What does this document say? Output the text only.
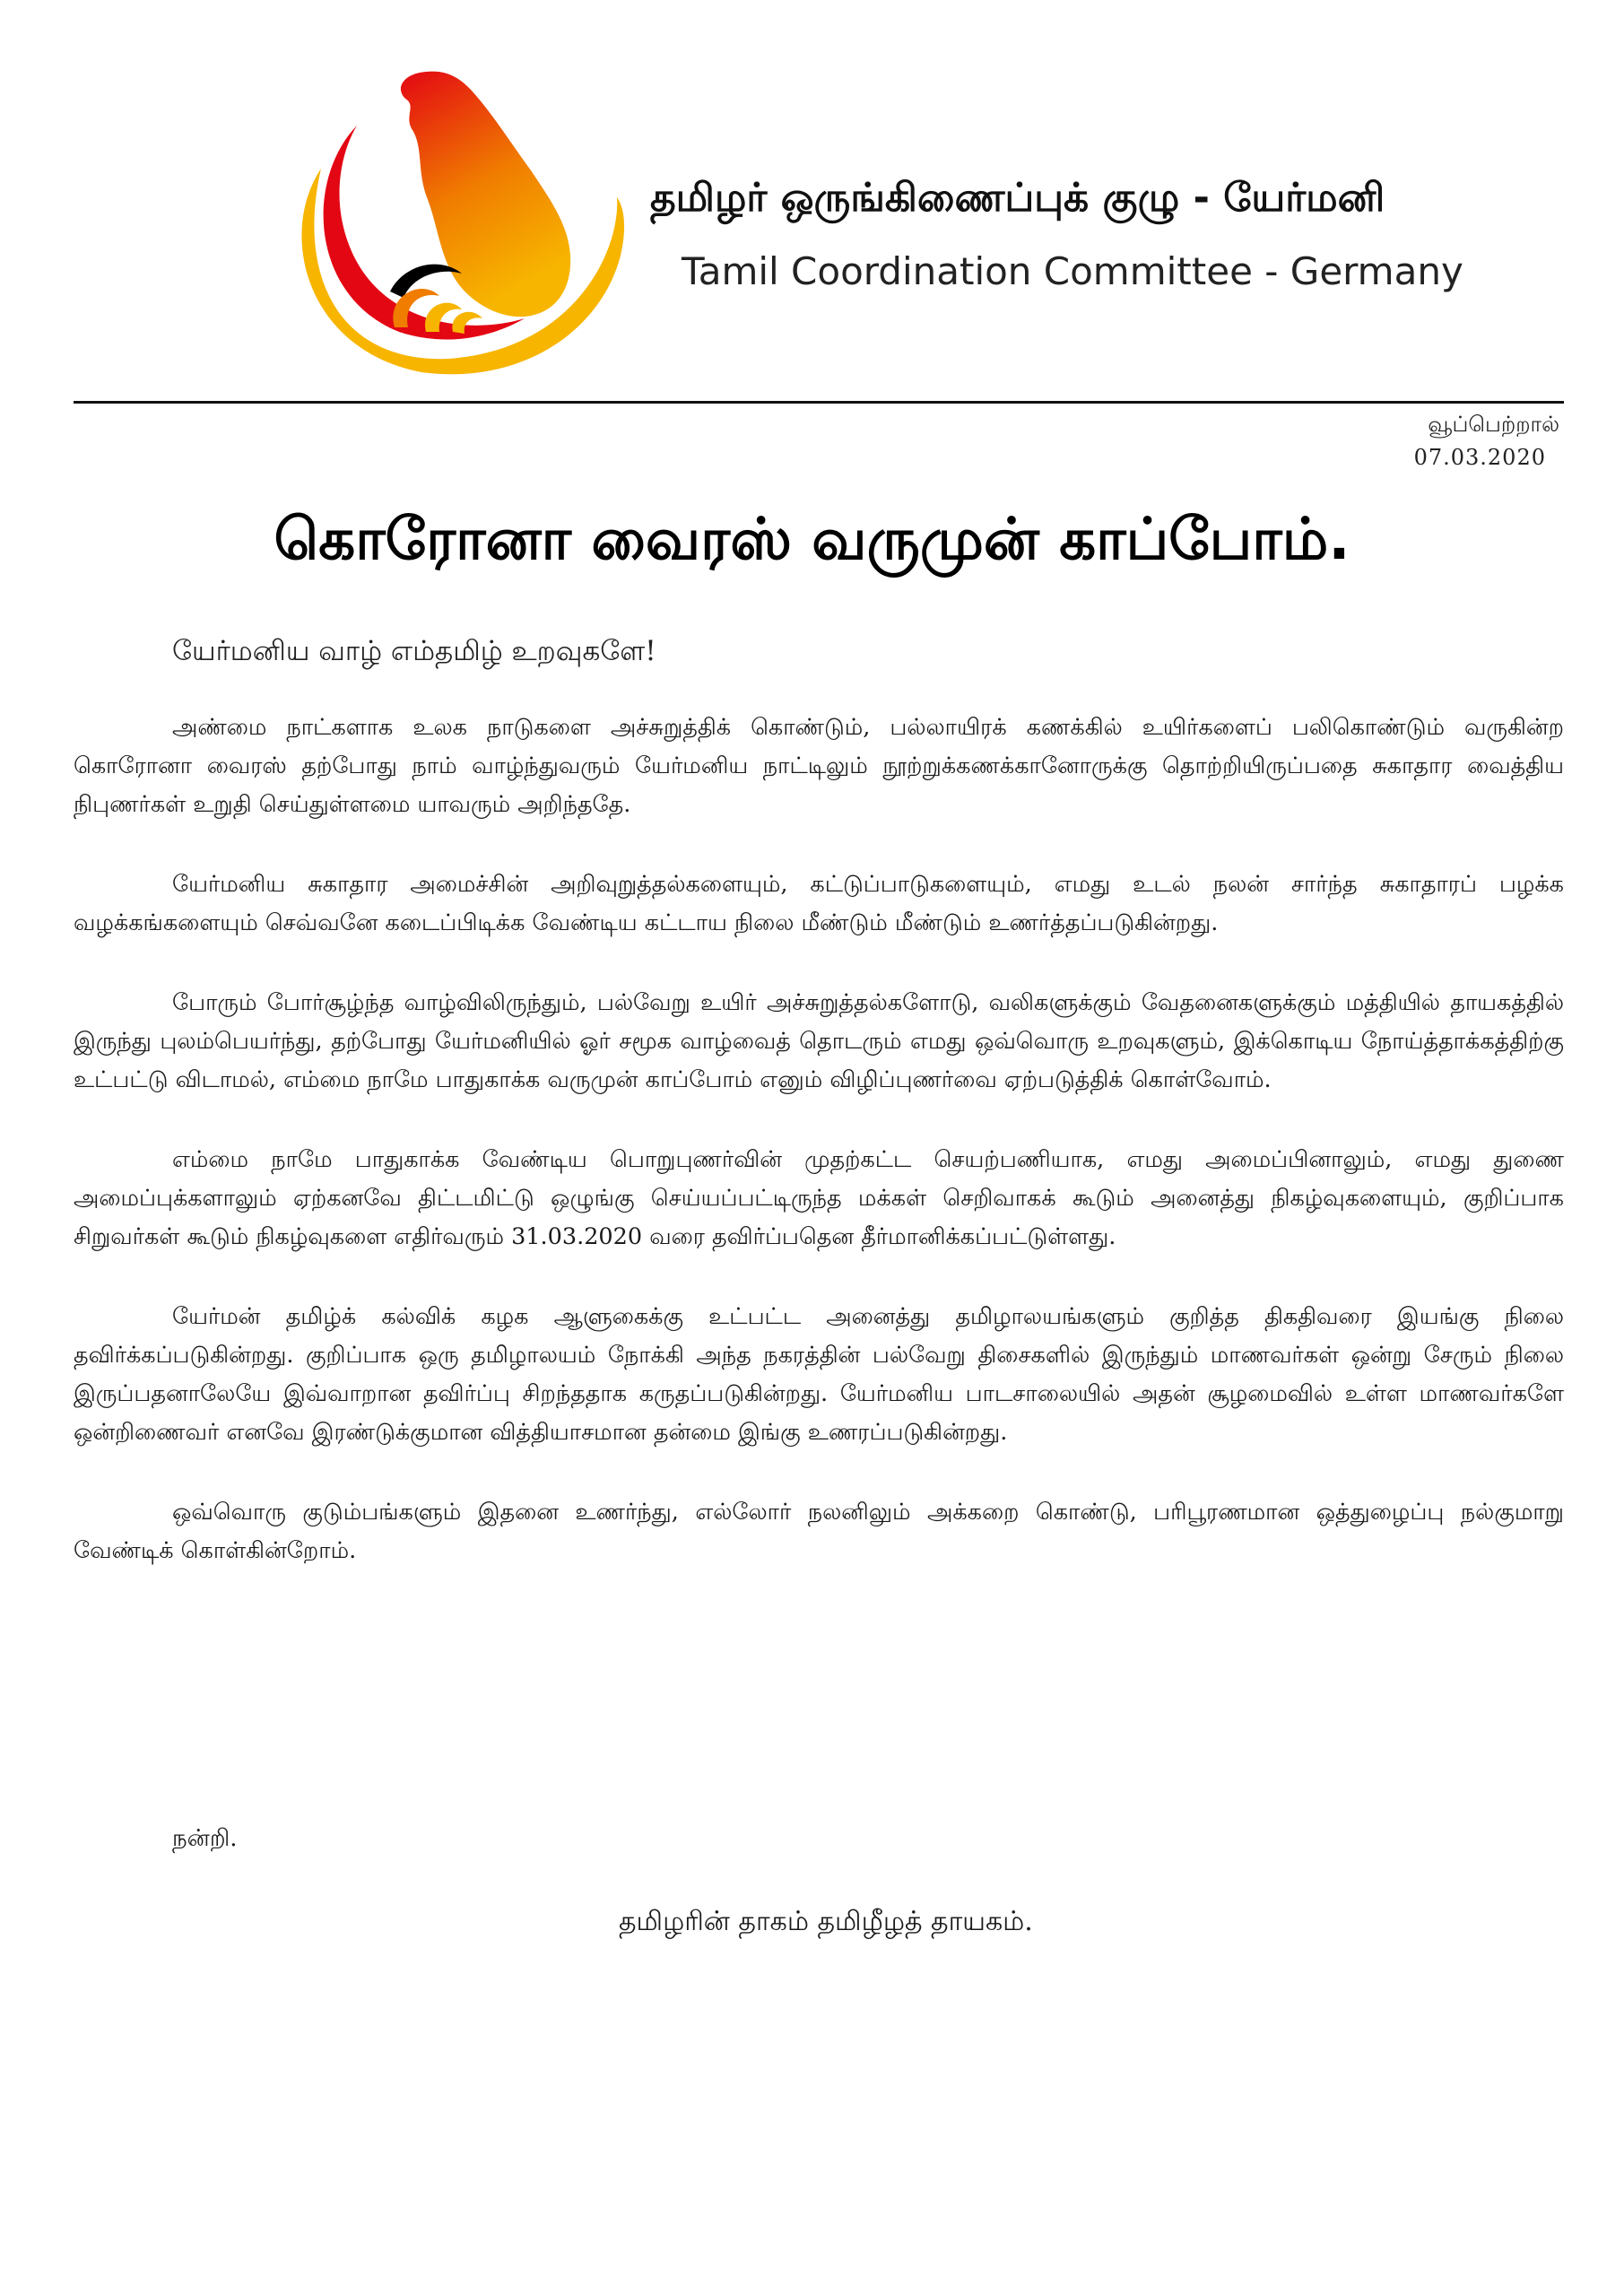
தமிழர் ஒருங்கிணைப்புக் குழு - யேர்மனி
Tamil Coordination Committee - Germany
வூப்பெற்றால்

07.03.2020
கொரோனா வைரஸ் வருமுன் காப்போம்.
யேர்மனிய வாழ் எம்தமிழ் உறவுகளே!

அண்மை நாட்களாக உலக நாடுகளை அச்சுறுத்திக் கொண்டும், பல்லாயிரக் கணக்கில் உயிர்களைப் பலிகொண்டும் வருகின்ற கொரோனா வைரஸ் தற்போது நாம் வாழ்ந்துவரும் யேர்மனிய நாட்டிலும் நூற்றுக்கணக்கானோருக்கு தொற்றியிருப்பதை சுகாதார வைத்திய நிபுணர்கள் உறுதி செய்துள்ளமை யாவரும் அறிந்ததே.

யேர்மனிய சுகாதார அமைச்சின் அறிவுறுத்தல்களையும், கட்டுப்பாடுகளையும், எமது உடல் நலன் சார்ந்த சுகாதாரப் பழக்க வழக்கங்களையும் செவ்வனே கடைப்பிடிக்க வேண்டிய கட்டாய நிலை மீண்டும் மீண்டும் உணர்த்தப்படுகின்றது.

போரும் போர்சூழ்ந்த வாழ்விலிருந்தும், பல்வேறு உயிர் அச்சுறுத்தல்களோடு, வலிகளுக்கும் வேதனைகளுக்கும் மத்தியில் தாயகத்தில் இருந்து புலம்பெயர்ந்து, தற்போது யேர்மனியில் ஓர் சமூக வாழ்வைத் தொடரும் எமது ஒவ்வொரு உறவுகளும், இக்கொடிய நோய்த்தாக்கத்திற்கு உட்பட்டு விடாமல், எம்மை நாமே பாதுகாக்க வருமுன் காப்போம் எனும் விழிப்புணர்வை ஏற்படுத்திக் கொள்வோம்.

எம்மை நாமே பாதுகாக்க வேண்டிய பொறுபுணர்வின் முதற்கட்ட செயற்பணியாக, எமது அமைப்பினாலும், எமது துணை அமைப்புக்களாலும் ஏற்கனவே திட்டமிட்டு ஒழுங்கு செய்யப்பட்டிருந்த மக்கள் செறிவாகக் கூடும் அனைத்து நிகழ்வுகளையும், குறிப்பாக சிறுவர்கள் கூடும் நிகழ்வுகளை எதிர்வரும் 31.03.2020 வரை தவிர்ப்பதென தீர்மானிக்கப்பட்டுள்ளது.

யேர்மன் தமிழ்க் கல்விக் கழக ஆளுகைக்கு உட்பட்ட அனைத்து தமிழாலயங்களும் குறித்த திகதிவரை இயங்கு நிலை தவிர்க்கப்படுகின்றது. குறிப்பாக ஒரு தமிழாலயம் நோக்கி அந்த நகரத்தின் பல்வேறு திசைகளில் இருந்தும் மாணவர்கள் ஒன்று சேரும் நிலை இருப்பதனாலேயே இவ்வாறான தவிர்ப்பு சிறந்ததாக கருதப்படுகின்றது. யேர்மனிய பாடசாலையில் அதன் சூழமைவில் உள்ள மாணவர்களே ஒன்றிணைவர் எனவே இரண்டுக்குமான வித்தியாசமான தன்மை இங்கு உணரப்படுகின்றது.

ஒவ்வொரு குடும்பங்களும் இதனை உணர்ந்து, எல்லோர் நலனிலும் அக்கறை கொண்டு, பரிபூரணமான ஒத்துழைப்பு நல்குமாறு வேண்டிக் கொள்கின்றோம்.

நன்றி.
தமிழரின் தாகம் தமிழீழத் தாயகம்.
